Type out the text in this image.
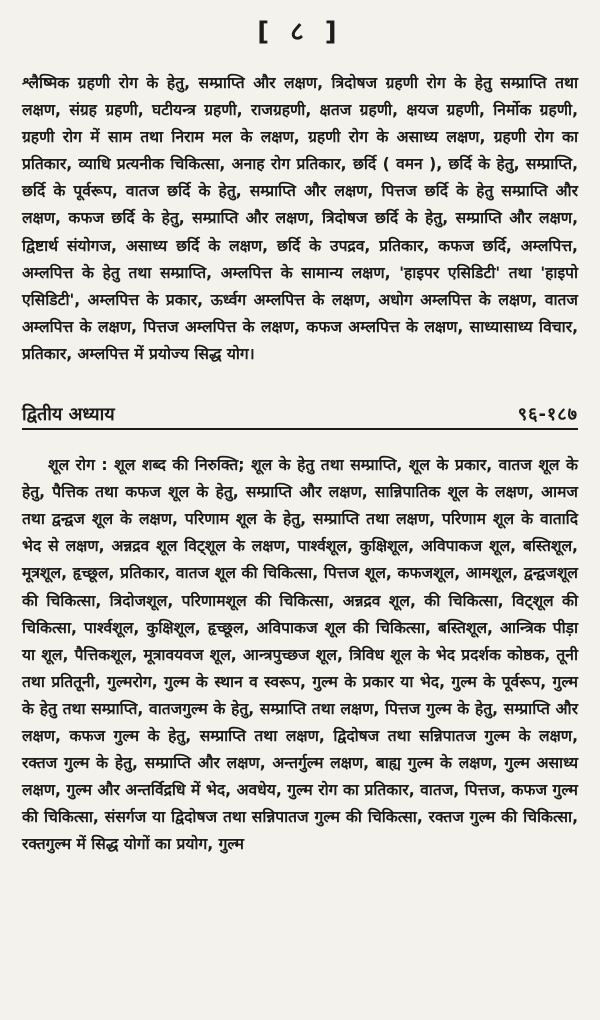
[ ८ ]

श्लैष्मिक ग्रहणी रोग के हेतु, सम्प्राप्ति और लक्षण, त्रिदोषज ग्रहणी रोग के हेतु सम्प्राप्ति तथा लक्षण, संग्रह ग्रहणी, घटीयन्त्र ग्रहणी, राजग्रहणी, क्षतज ग्रहणी, क्षयज ग्रहणी, निर्मोक ग्रहणी, ग्रहणी रोग में साम तथा निराम मल के लक्षण, ग्रहणी रोग के असाध्य लक्षण, ग्रहणी रोग का प्रतिकार, व्याधि प्रत्यनीक चिकित्सा, अनाह रोग प्रतिकार, छर्दि ( वमन ), छर्दि के हेतु, सम्प्राप्ति, छर्दि के पूर्वरूप, वातज छर्दि के हेतु, सम्प्राप्ति और लक्षण, पित्तज छर्दि के हेतु सम्प्राप्ति और लक्षण, कफज छर्दि के हेतु, सम्प्राप्ति और लक्षण, त्रिदोषज छर्दि के हेतु, सम्प्राप्ति और लक्षण, द्विष्टार्थ संयोगज, असाध्य छर्दि के लक्षण, छर्दि के उपद्रव, प्रतिकार, कफज छर्दि, अम्लपित्त, अम्लपित्त के हेतु तथा सम्प्राप्ति, अम्लपित्त के सामान्य लक्षण, 'हाइपर एसिडिटी' तथा 'हाइपो एसिडिटी', अम्लपित्त के प्रकार, ऊर्ध्वग अम्लपित्त के लक्षण, अधोग अम्लपित्त के लक्षण, वातज अम्लपित्त के लक्षण, पित्तज अम्लपित्त के लक्षण, कफज अम्लपित्त के लक्षण, साध्यासाध्य विचार, प्रतिकार, अम्लपित्त में प्रयोज्य सिद्ध योग।

द्वितीय अध्याय	९६-१८७

शूल रोग : शूल शब्द की निरुक्ति; शूल के हेतु तथा सम्प्राप्ति, शूल के प्रकार, वातज शूल के हेतु, पैत्तिक तथा कफज शूल के हेतु, सम्प्राप्ति और लक्षण, सान्निपातिक शूल के लक्षण, आमज तथा द्वन्द्वज शूल के लक्षण, परिणाम शूल के हेतु, सम्प्राप्ति तथा लक्षण, परिणाम शूल के वातादि भेद से लक्षण, अन्नद्रव शूल विट्शूल के लक्षण, पार्श्वशूल, कुक्षिशूल, अविपाकज शूल, बस्तिशूल, मूत्रशूल, हृच्छूल, प्रतिकार, वातज शूल की चिकित्सा, पित्तज शूल, कफजशूल, आमशूल, द्वन्द्वजशूल की चिकित्सा, त्रिदोजशूल, परिणामशूल की चिकित्सा, अन्नद्रव शूल, की चिकित्सा, विट्शूल की चिकित्सा, पार्श्वशूल, कुक्षिशूल, हृच्छूल, अविपाकज शूल की चिकित्सा, बस्तिशूल, आन्त्रिक पीड़ा या शूल, पैत्तिकशूल, मूत्रावयवज शूल, आन्त्रपुच्छज शूल, त्रिविध शूल के भेद प्रदर्शक कोष्ठक, तूनी तथा प्रतितूनी, गुल्मरोग, गुल्म के स्थान व स्वरूप, गुल्म के प्रकार या भेद, गुल्म के पूर्वरूप, गुल्म के हेतु तथा सम्प्राप्ति, वातजगुल्म के हेतु, सम्प्राप्ति तथा लक्षण, पित्तज गुल्म के हेतु, सम्प्राप्ति और लक्षण, कफज गुल्म के हेतु, सम्प्राप्ति तथा लक्षण, द्विदोषज तथा सन्निपातज गुल्म के लक्षण, रक्तज गुल्म के हेतु, सम्प्राप्ति और लक्षण, अन्तर्गुल्म लक्षण, बाह्य गुल्म के लक्षण, गुल्म असाध्य लक्षण, गुल्म और अन्तर्विद्रधि में भेद, अवधेय, गुल्म रोग का प्रतिकार, वातज, पित्तज, कफज गुल्म की चिकित्सा, संसर्गज या द्विदोषज तथा सन्निपातज गुल्म की चिकित्सा, रक्तज गुल्म की चिकित्सा, रक्तगुल्म में सिद्ध योगों का प्रयोग, गुल्म
